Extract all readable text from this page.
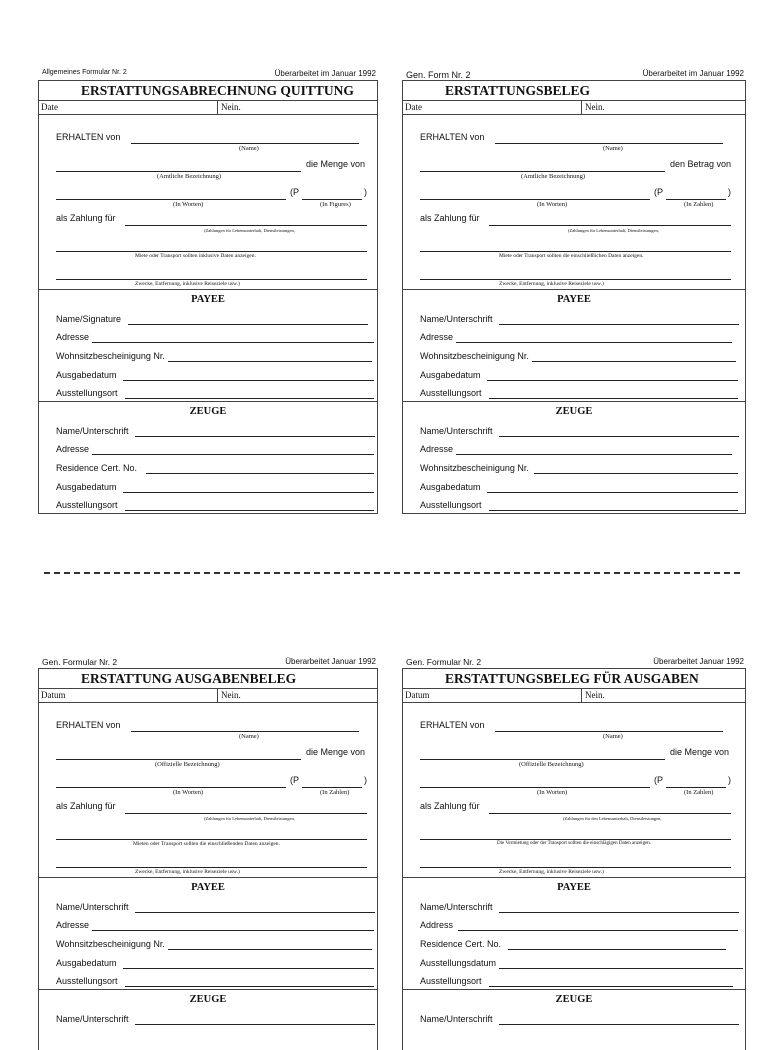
Allgemeines Formular Nr. 2	Überarbeitet im Januar 1992
ERSTATTUNGSABRECHNUNG QUITTUNG
Date	Nein.
ERHALTEN von
(Name)
die Menge von
(Amtliche Bezeichnung)
(P	)
(In Worten)	(In Figures)
als Zahlung für
(Zahlungen für Lebensunterhalt, Dienstleistungen,
Miete oder Transport sollten inklusive Daten anzeigen.
Zwecke, Entfernung, inklusive Reiseziele usw.)
PAYEE
Name/Signature
Adresse
Wohnsitzbescheinigung Nr.
Ausgabedatum
Ausstellungsort
ZEUGE
Name/Unterschrift
Adresse
Residence Cert. No.
Ausgabedatum
Ausstellungsort
Gen. Form Nr. 2	Überarbeitet im Januar 1992
ERSTATTUNGSBELEG
Date	Nein.
ERHALTEN von
(Name)
den Betrag von
(Amtliche Bezeichnung)
(P	)
(In Worten)	(In Zahlen)
als Zahlung für
(Zahlungen für Lebensunterhalt, Dienstleistungen,
Miete oder Transport sollten die einschließlichen Daten anzeigen.
Zwecke, Entfernung, inklusive Reiseziele usw.)
PAYEE
Name/Unterschrift
Adresse
Wohnsitzbescheinigung Nr.
Ausgabedatum
Ausstellungsort
ZEUGE
Name/Unterschrift
Adresse
Wohnsitzbescheinigung Nr.
Ausgabedatum
Ausstellungsort
Gen. Formular Nr. 2	Überarbeitet Januar 1992
ERSTATTUNG AUSGABENBELEG
Datum	Nein.
ERHALTEN von
(Name)
die Menge von
(Offizielle Bezeichnung)
(P	)
(In Worten)	(In Zahlen)
als Zahlung für
(Zahlungen für Lebensunterhalt, Dienstleistungen,
Mieten oder Transport sollten die einschließenden Daten anzeigen.
Zwecke, Entfernung, inklusive Reiseziele usw.)
PAYEE
Name/Unterschrift
Adresse
Wohnsitzbescheinigung Nr.
Ausgabedatum
Ausstellungsort
ZEUGE
Name/Unterschrift
Gen. Formular Nr. 2	Überarbeitet Januar 1992
ERSTATTUNGSBELEG FÜR AUSGABEN
Datum	Nein.
ERHALTEN von
(Name)
die Menge von
(Offizielle Bezeichnung)
(P	)
(In Worten)	(In Zahlen)
als Zahlung für
(Zahlungen für den Lebensunterhalt, Dienstleistungen,
Die Vermietung oder der Transport sollten die einschlägigen Daten anzeigen.
Zwecke, Entfernung, inklusive Reiseziele usw.)
PAYEE
Name/Unterschrift
Address
Residence Cert. No.
Ausstellungsdatum
Ausstellungsort
ZEUGE
Name/Unterschrift
